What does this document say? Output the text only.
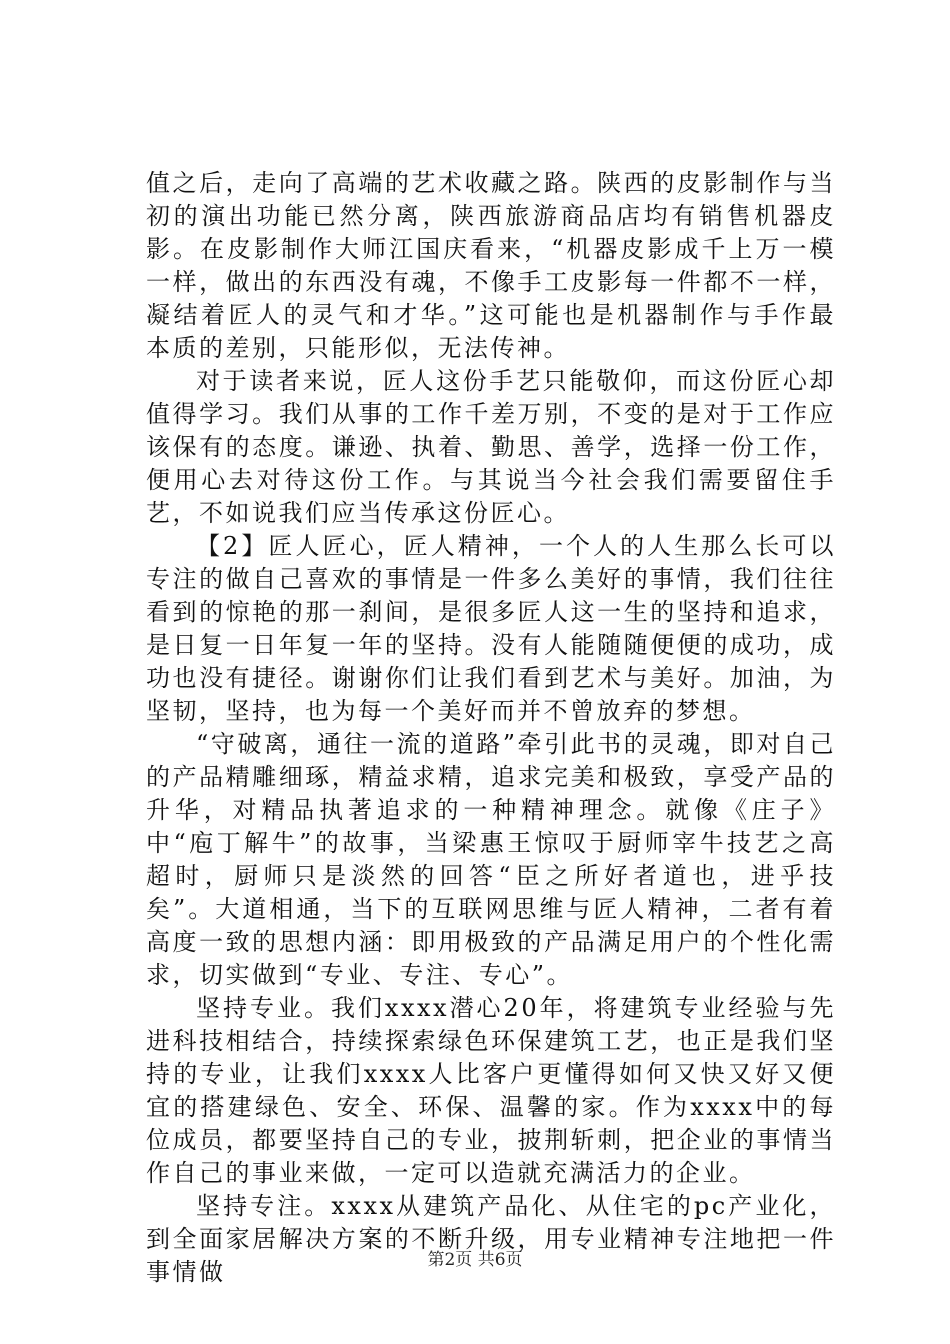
值之后，走向了高端的艺术收藏之路。陕西的皮影制作与当初的演出功能已然分离，陕西旅游商品店均有销售机器皮影。在皮影制作大师江国庆看来，“机器皮影成千上万一模一样，做出的东西没有魂，不像手工皮影每一件都不一样，凝结着匠人的灵气和才华。”这可能也是机器制作与手作最本质的差别，只能形似，无法传神。

对于读者来说，匠人这份手艺只能敬仰，而这份匠心却值得学习。我们从事的工作千差万别，不变的是对于工作应该保有的态度。谦逊、执着、勤思、善学，选择一份工作，便用心去对待这份工作。与其说当今社会我们需要留住手艺，不如说我们应当传承这份匠心。

【2】匠人匠心，匠人精神，一个人的人生那么长可以专注的做自己喜欢的事情是一件多么美好的事情，我们往往看到的惊艳的那一刹间，是很多匠人这一生的坚持和追求，是日复一日年复一年的坚持。没有人能随随便便的成功，成功也没有捷径。谢谢你们让我们看到艺术与美好。加油，为坚韧，坚持，也为每一个美好而并不曾放弃的梦想。

“守破离，通往一流的道路”牵引此书的灵魂，即对自己的产品精雕细琢，精益求精，追求完美和极致，享受产品的升华，对精品执著追求的一种精神理念。就像《庄子》中“庖丁解牛”的故事，当梁惠王惊叹于厨师宰牛技艺之高超时，厨师只是淡然的回答“臣之所好者道也，进乎技矣”。大道相通，当下的互联网思维与匠人精神，二者有着高度一致的思想内涵：即用极致的产品满足用户的个性化需求，切实做到“专业、专注、专心”。

坚持专业。我们xxxx潜心20年，将建筑专业经验与先进科技相结合，持续探索绿色环保建筑工艺，也正是我们坚持的专业，让我们xxxx人比客户更懂得如何又快又好又便宜的搭建绿色、安全、环保、温馨的家。作为xxxx中的每位成员，都要坚持自己的专业，披荆斩刺，把企业的事情当作自己的事业来做，一定可以造就充满活力的企业。

坚持专注。xxxx从建筑产品化、从住宅的pc产业化，到全面家居解决方案的不断升级，用专业精神专注地把一件事情做	第2页 共6页
